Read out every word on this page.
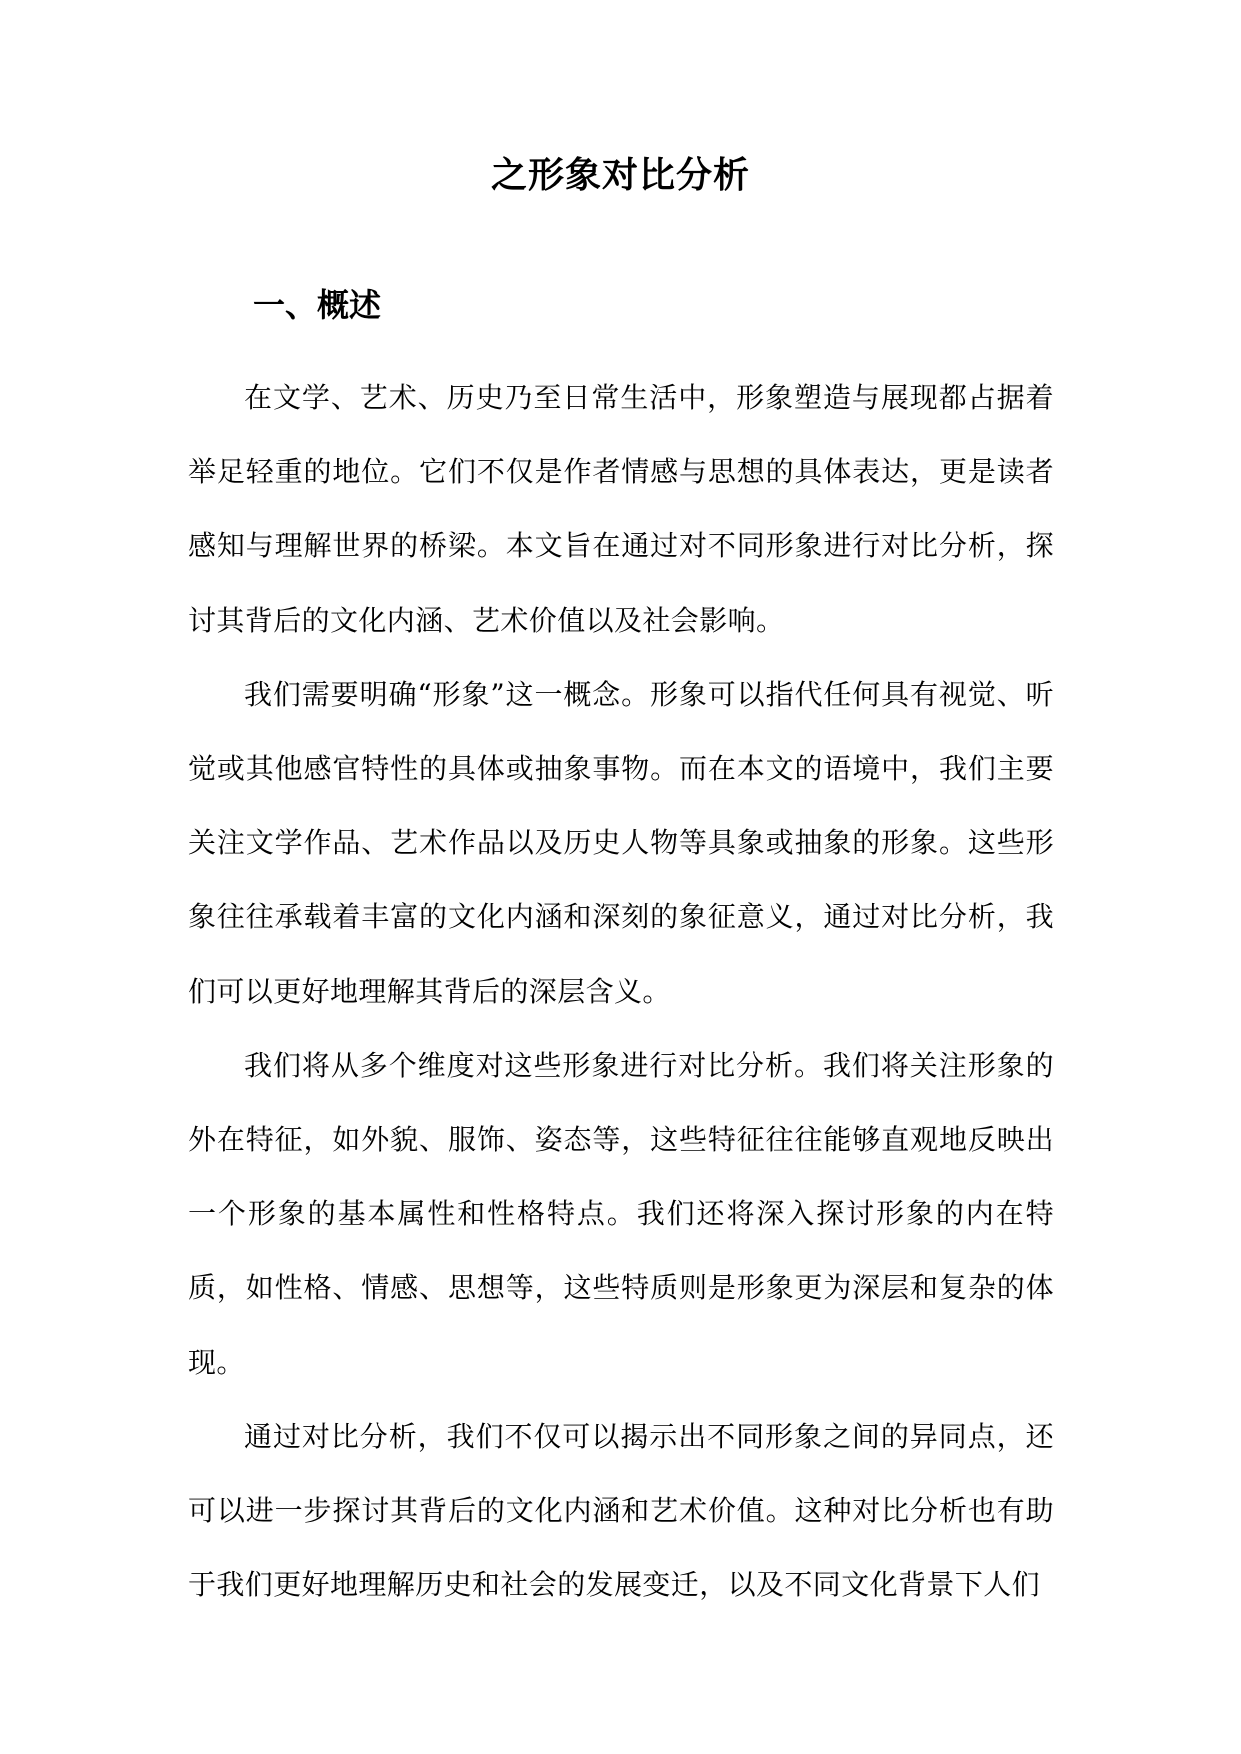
之形象对比分析
一、概述

在文学、艺术、历史乃至日常生活中，形象塑造与展现都占据着举足轻重的地位。它们不仅是作者情感与思想的具体表达，更是读者感知与理解世界的桥梁。本文旨在通过对不同形象进行对比分析，探讨其背后的文化内涵、艺术价值以及社会影响。

我们需要明确“形象”这一概念。形象可以指代任何具有视觉、听觉或其他感官特性的具体或抽象事物。而在本文的语境中，我们主要关注文学作品、艺术作品以及历史人物等具象或抽象的形象。这些形象往往承载着丰富的文化内涵和深刻的象征意义，通过对比分析，我们可以更好地理解其背后的深层含义。

我们将从多个维度对这些形象进行对比分析。我们将关注形象的外在特征，如外貌、服饰、姿态等，这些特征往往能够直观地反映出一个形象的基本属性和性格特点。我们还将深入探讨形象的内在特质，如性格、情感、思想等，这些特质则是形象更为深层和复杂的体现。

通过对比分析，我们不仅可以揭示出不同形象之间的异同点，还可以进一步探讨其背后的文化内涵和艺术价值。这种对比分析也有助于我们更好地理解历史和社会的发展变迁，以及不同文化背景下人们
